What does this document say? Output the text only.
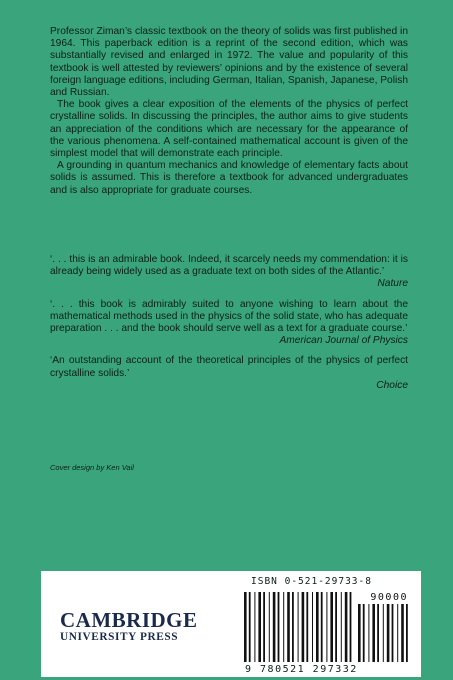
Professor Ziman’s classic textbook on the theory of solids was first published in 1964. This paperback edition is a reprint of the second edition, which was substantially revised and enlarged in 1972. The value and popularity of this textbook is well attested by reviewers’ opinions and by the existence of several foreign language editions, including German, Italian, Spanish, Japanese, Polish and Russian.

The book gives a clear exposition of the elements of the physics of perfect crystalline solids. In discussing the principles, the author aims to give students an appreciation of the conditions which are necessary for the appearance of the various phenomena. A self-contained mathematical account is given of the simplest model that will demonstrate each principle.

A grounding in quantum mechanics and knowledge of elementary facts about solids is assumed. This is therefore a textbook for advanced undergraduates and is also appropriate for graduate courses.

‘. . . this is an admirable book. Indeed, it scarcely needs my commendation: it is already being widely used as a graduate text on both sides of the Atlantic.’

Nature

‘. . . this book is admirably suited to anyone wishing to learn about the mathematical methods used in the physics of the solid state, who has adequate preparation . . . and the book should serve well as a text for a graduate course.’

American Journal of Physics

‘An outstanding account of the theoretical principles of the physics of perfect crystalline solids.’

Choice

Cover design by Ken Vail
CAMBRIDGE
UNIVERSITY PRESS
ISBN 0-521-29733-8
90000
9 780521 297332
